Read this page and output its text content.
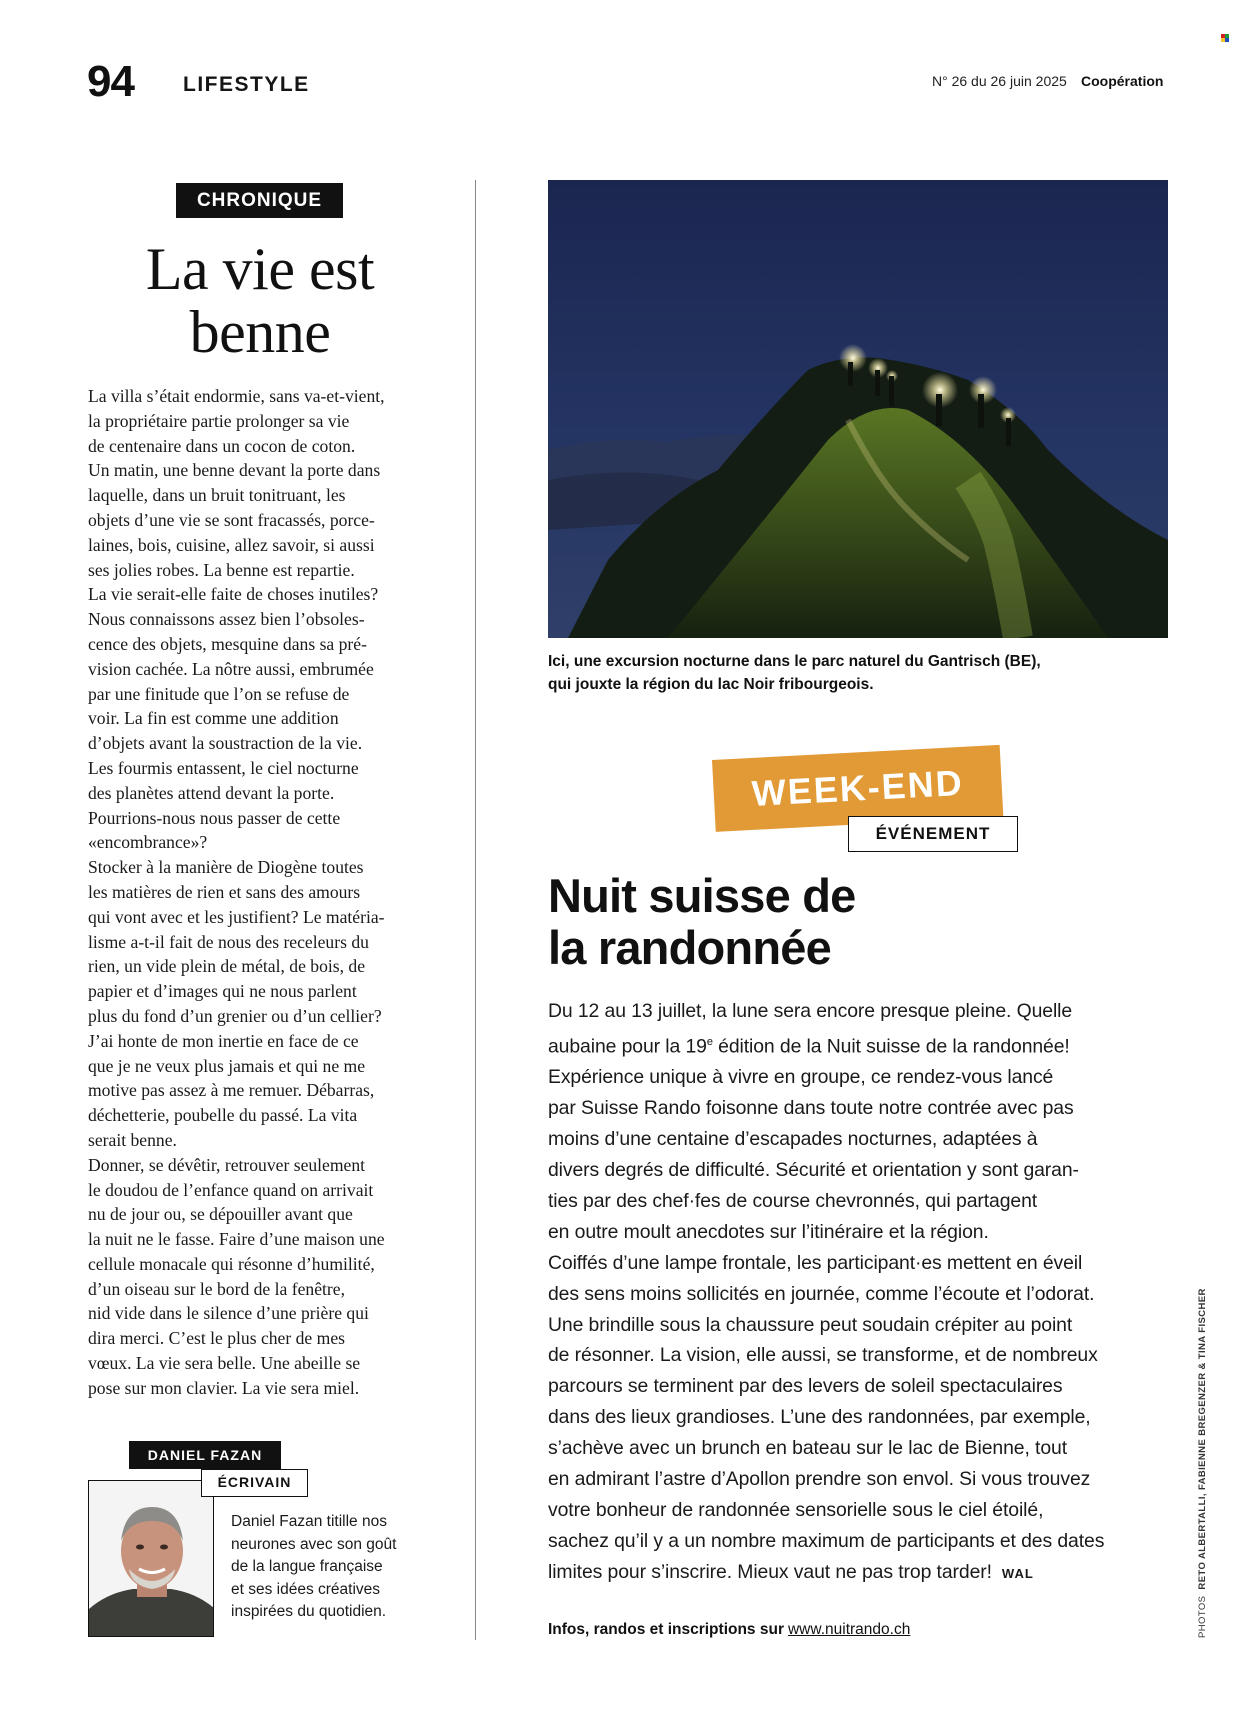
94 LIFESTYLE	N° 26 du 26 juin 2025 Coopération
CHRONIQUE
La vie est
benne
La villa s’était endormie, sans va-et-vient,
la propriétaire partie prolonger sa vie
de centenaire dans un cocon de coton.
Un matin, une benne devant la porte dans
laquelle, dans un bruit tonitruant, les
objets d’une vie se sont fracassés, porce-
laines, bois, cuisine, allez savoir, si aussi
ses jolies robes. La benne est repartie.
La vie serait-elle faite de choses inutiles?
Nous connaissons assez bien l’obsoles-
cence des objets, mesquine dans sa pré-
vision cachée. La nôtre aussi, embrumée
par une finitude que l’on se refuse de
voir. La fin est comme une addition
d’objets avant la soustraction de la vie.
Les fourmis entassent, le ciel nocturne
des planètes attend devant la porte.
Pourrions-nous nous passer de cette
«encombrance»?
Stocker à la manière de Diogène toutes
les matières de rien et sans des amours
qui vont avec et les justifient? Le matéria-
lisme a-t-il fait de nous des receleurs du
rien, un vide plein de métal, de bois, de
papier et d’images qui ne nous parlent
plus du fond d’un grenier ou d’un cellier?
J’ai honte de mon inertie en face de ce
que je ne veux plus jamais et qui ne me
motive pas assez à me remuer. Débarras,
déchetterie, poubelle du passé. La vita
serait benne.
Donner, se dévêtir, retrouver seulement
le doudou de l’enfance quand on arrivait
nu de jour ou, se dépouiller avant que
la nuit ne le fasse. Faire d’une maison une
cellule monacale qui résonne d’humilité,
d’un oiseau sur le bord de la fenêtre,
nid vide dans le silence d’une prière qui
dira merci. C’est le plus cher de mes
vœux. La vie sera belle. Une abeille se
pose sur mon clavier. La vie sera miel.
DANIEL FAZAN
ÉCRIVAIN
Daniel Fazan titille nos
neurones avec son goût
de la langue française
et ses idées créatives
inspirées du quotidien.
Ici, une excursion nocturne dans le parc naturel du Gantrisch (BE),
qui jouxte la région du lac Noir fribourgeois.
WEEK-END
ÉVÉNEMENT
Nuit suisse de
la randonnée
Du 12 au 13 juillet, la lune sera encore presque pleine. Quelle
aubaine pour la 19e édition de la Nuit suisse de la randonnée!
Expérience unique à vivre en groupe, ce rendez-vous lancé
par Suisse Rando foisonne dans toute notre contrée avec pas
moins d’une centaine d’escapades nocturnes, adaptées à
divers degrés de difficulté. Sécurité et orientation y sont garan-
ties par des chef·fes de course chevronnés, qui partagent
en outre moult anecdotes sur l’itinéraire et la région.
Coiffés d’une lampe frontale, les participant·es mettent en éveil
des sens moins sollicités en journée, comme l’écoute et l’odorat.
Une brindille sous la chaussure peut soudain crépiter au point
de résonner. La vision, elle aussi, se transforme, et de nombreux
parcours se terminent par des levers de soleil spectaculaires
dans des lieux grandioses. L’une des randonnées, par exemple,
s’achève avec un brunch en bateau sur le lac de Bienne, tout
en admirant l’astre d’Apollon prendre son envol. Si vous trouvez
votre bonheur de randonnée sensorielle sous le ciel étoilé,
sachez qu’il y a un nombre maximum de participants et des dates
limites pour s’inscrire. Mieux vaut ne pas trop tarder! WAL
Infos, randos et inscriptions sur www.nuitrando.ch	PHOTOS  RETO ALBERTALLI, FABIENNE BREGENZER & TINA FISCHER
